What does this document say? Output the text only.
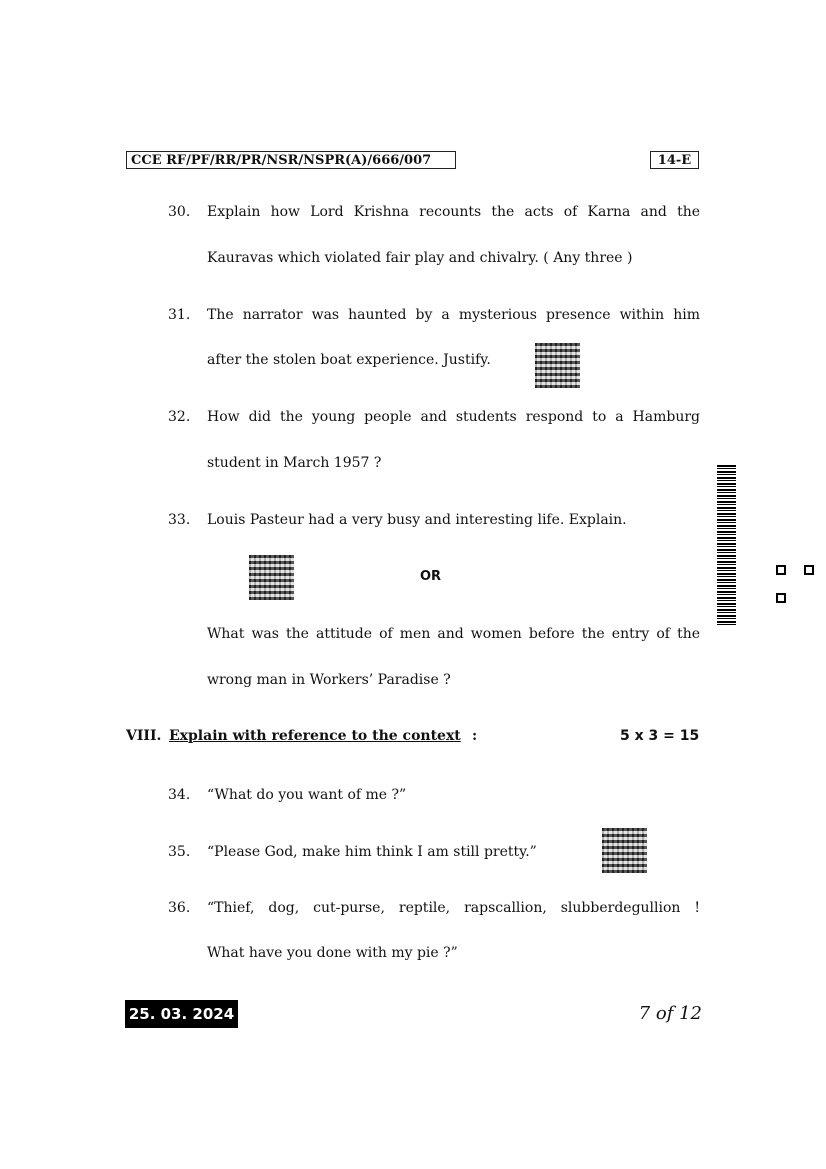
CCE RF/PF/RR/PR/NSR/NSPR(A)/666/007	14-E
30.	Explain how Lord Krishna recounts the acts of Karna and the
Kauravas which violated fair play and chivalry. ( Any three )
31.	The narrator was haunted by a mysterious presence within him
after the stolen boat experience. Justify.
32.	How did the young people and students respond to a Hamburg
student in March 1957 ?
33.	Louis Pasteur had a very busy and interesting life. Explain.
OR
What was the attitude of men and women before the entry of the
wrong man in Workers’ Paradise ?
VIII. Explain with reference to the context :	5 x 3 = 15
34.	“What do you want of me ?”
35.	“Please God, make him think I am still pretty.”
36.	“Thief, dog, cut-purse, reptile, rapscallion, slubberdegullion !
What have you done with my pie ?”
25. 03. 2024	7 of 12
